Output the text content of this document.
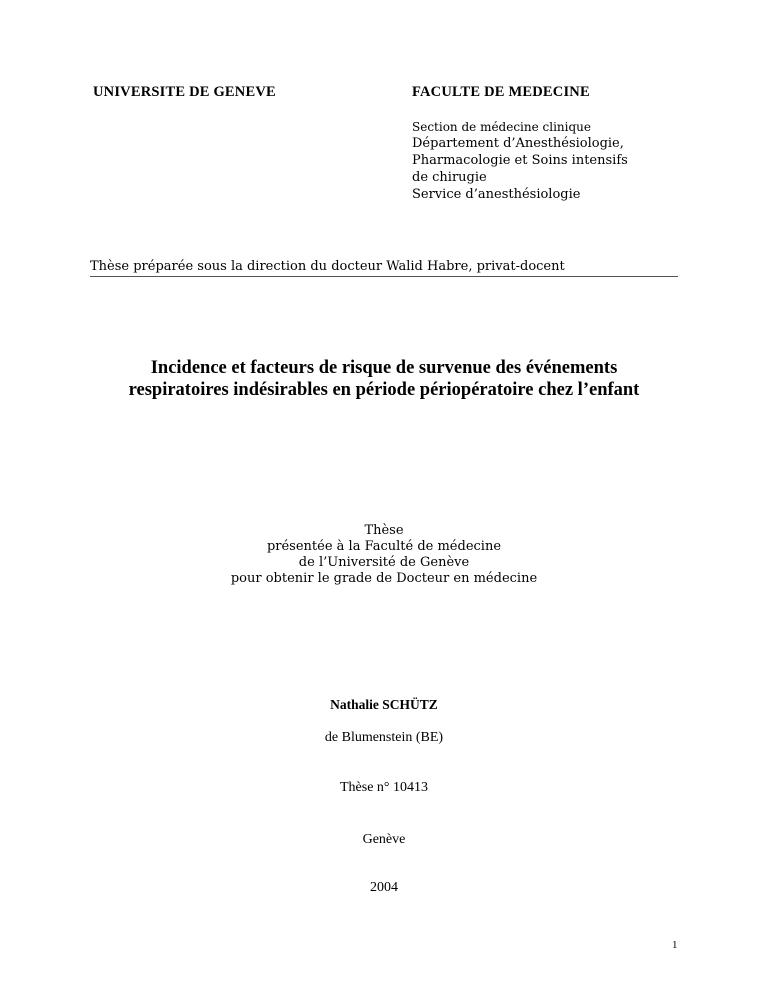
UNIVERSITE DE GENEVE	FACULTE DE MEDECINE
Section de médecine clinique
Département d’Anesthésiologie,
Pharmacologie et Soins intensifs
de chirugie
Service d’anesthésiologie
Thèse préparée sous la direction du docteur Walid Habre, privat-docent
Incidence et facteurs de risque de survenue des événements
respiratoires indésirables en période périopératoire chez l’enfant
Thèse
présentée à la Faculté de médecine
de l’Université de Genève
pour obtenir le grade de Docteur en médecine
Nathalie SCHÜTZ
de Blumenstein (BE)
Thèse n° 10413
Genève
2004
1
